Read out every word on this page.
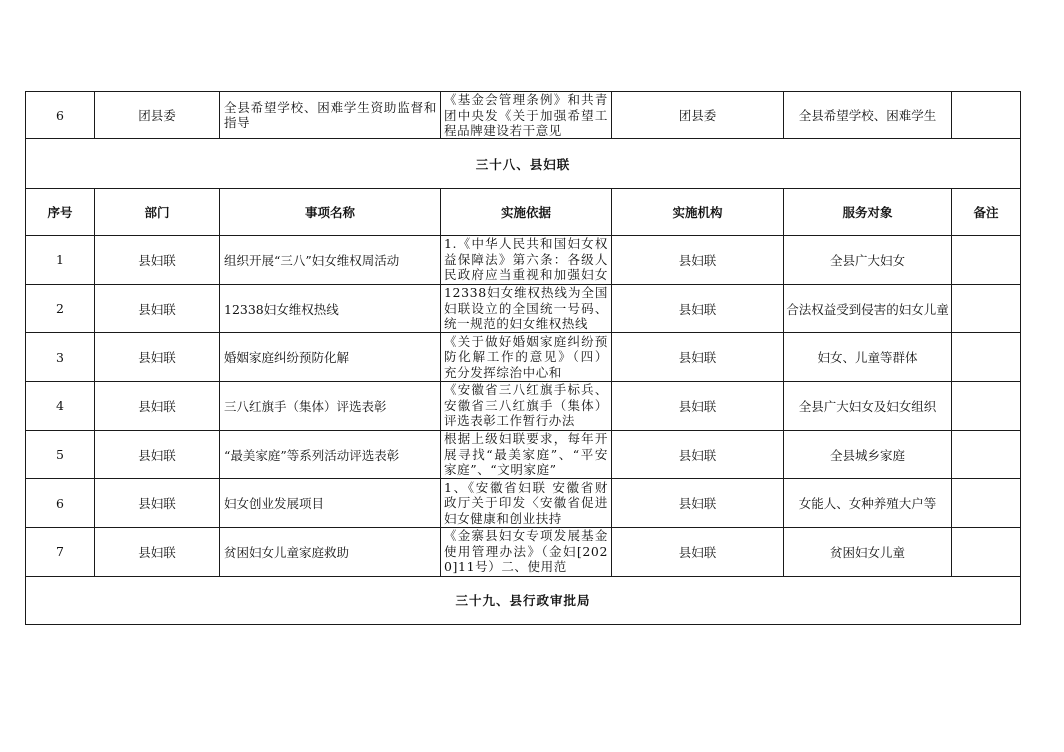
6	团县委	全县希望学校、困难学生资助监督和指导	《基金会管理条例》和共青团中央发《关于加强希望工程品牌建设若干意见	团县委	全县希望学校、困难学生	
三十八、县妇联						
序号	部门	事项名称	实施依据	实施机构	服务对象	备注
1	县妇联	组织开展“三八”妇女维权周活动	1.《中华人民共和国妇女权益保障法》第六条：各级人民政府应当重视和加强妇女	县妇联	全县广大妇女	
2	县妇联	12338妇女维权热线	12338妇女维权热线为全国妇联设立的全国统一号码、统一规范的妇女维权热线	县妇联	合法权益受到侵害的妇女儿童	
3	县妇联	婚姻家庭纠纷预防化解	《关于做好婚姻家庭纠纷预防化解工作的意见》（四）充分发挥综治中心和	县妇联	妇女、儿童等群体	
4	县妇联	三八红旗手（集体）评选表彰	《安徽省三八红旗手标兵、安徽省三八红旗手（集体）评选表彰工作暂行办法	县妇联	全县广大妇女及妇女组织	
5	县妇联	“最美家庭”等系列活动评选表彰	根据上级妇联要求，每年开展寻找“最美家庭”、“平安家庭”、“文明家庭”	县妇联	全县城乡家庭	
6	县妇联	妇女创业发展项目	1、《安徽省妇联 安徽省财政厅关于印发〈安徽省促进妇女健康和创业扶持	县妇联	女能人、女种养殖大户等	
7	县妇联	贫困妇女儿童家庭救助	《金寨县妇女专项发展基金使用管理办法》（金妇[2020]11号）二、使用范	县妇联	贫困妇女儿童	
三十九、县行政审批局						
